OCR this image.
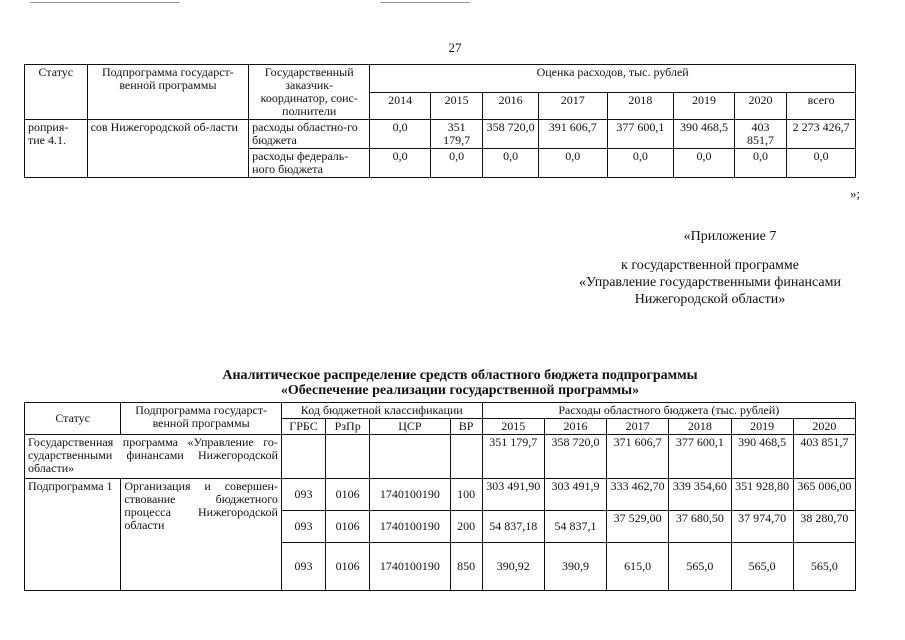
27
Статус	Подпрограмма государст-венной программы	Государственный заказчик-координатор, соис-полнители	Оценка расходов, тыс. рублей							
			2014	2015	2016	2017	2018	2019	2020	всего
роприя-тие 4.1.	сов Нижегородской об-ласти	расходы областно-го бюджета	0,0	351 179,7	358 720,0	391 606,7	377 600,1	390 468,5	403 851,7	2 273 426,7
		расходы федераль-ного бюджета	0,0	0,0	0,0	0,0	0,0	0,0	0,0	0,0
»;
«Приложение 7
к государственной программе
«Управление государственными финансами
Нижегородской области»
Аналитическое распределение средств областного бюджета подпрограммы
«Обеспечение реализации государственной программы»
Статус	Подпрограмма государст-венной программы	Код бюджетной классификации				Расходы областного бюджета (тыс. рублей)					
		ГРБС	РзПр	ЦСР	ВР	2015	2016	2017	2018	2019	2020
Государственная программа «Управление го-сударственными финансами Нижегородской области»						351 179,7	358 720,0	371 606,7	377 600,1	390 468,5	403 851,7
Подпрограмма 1	Организация и совершен-ствование бюджетного процесса Нижегородской области	093	0106	1740100190	100	303 491,90	303 491,9	333 462,70	339 354,60	351 928,80	365 006,00
		093	0106	1740100190	200	54 837,18	54 837,1	37 529,00	37 680,50	37 974,70	38 280,70
		093	0106	1740100190	850	390,92	390,9	615,0	565,0	565,0	565,0
